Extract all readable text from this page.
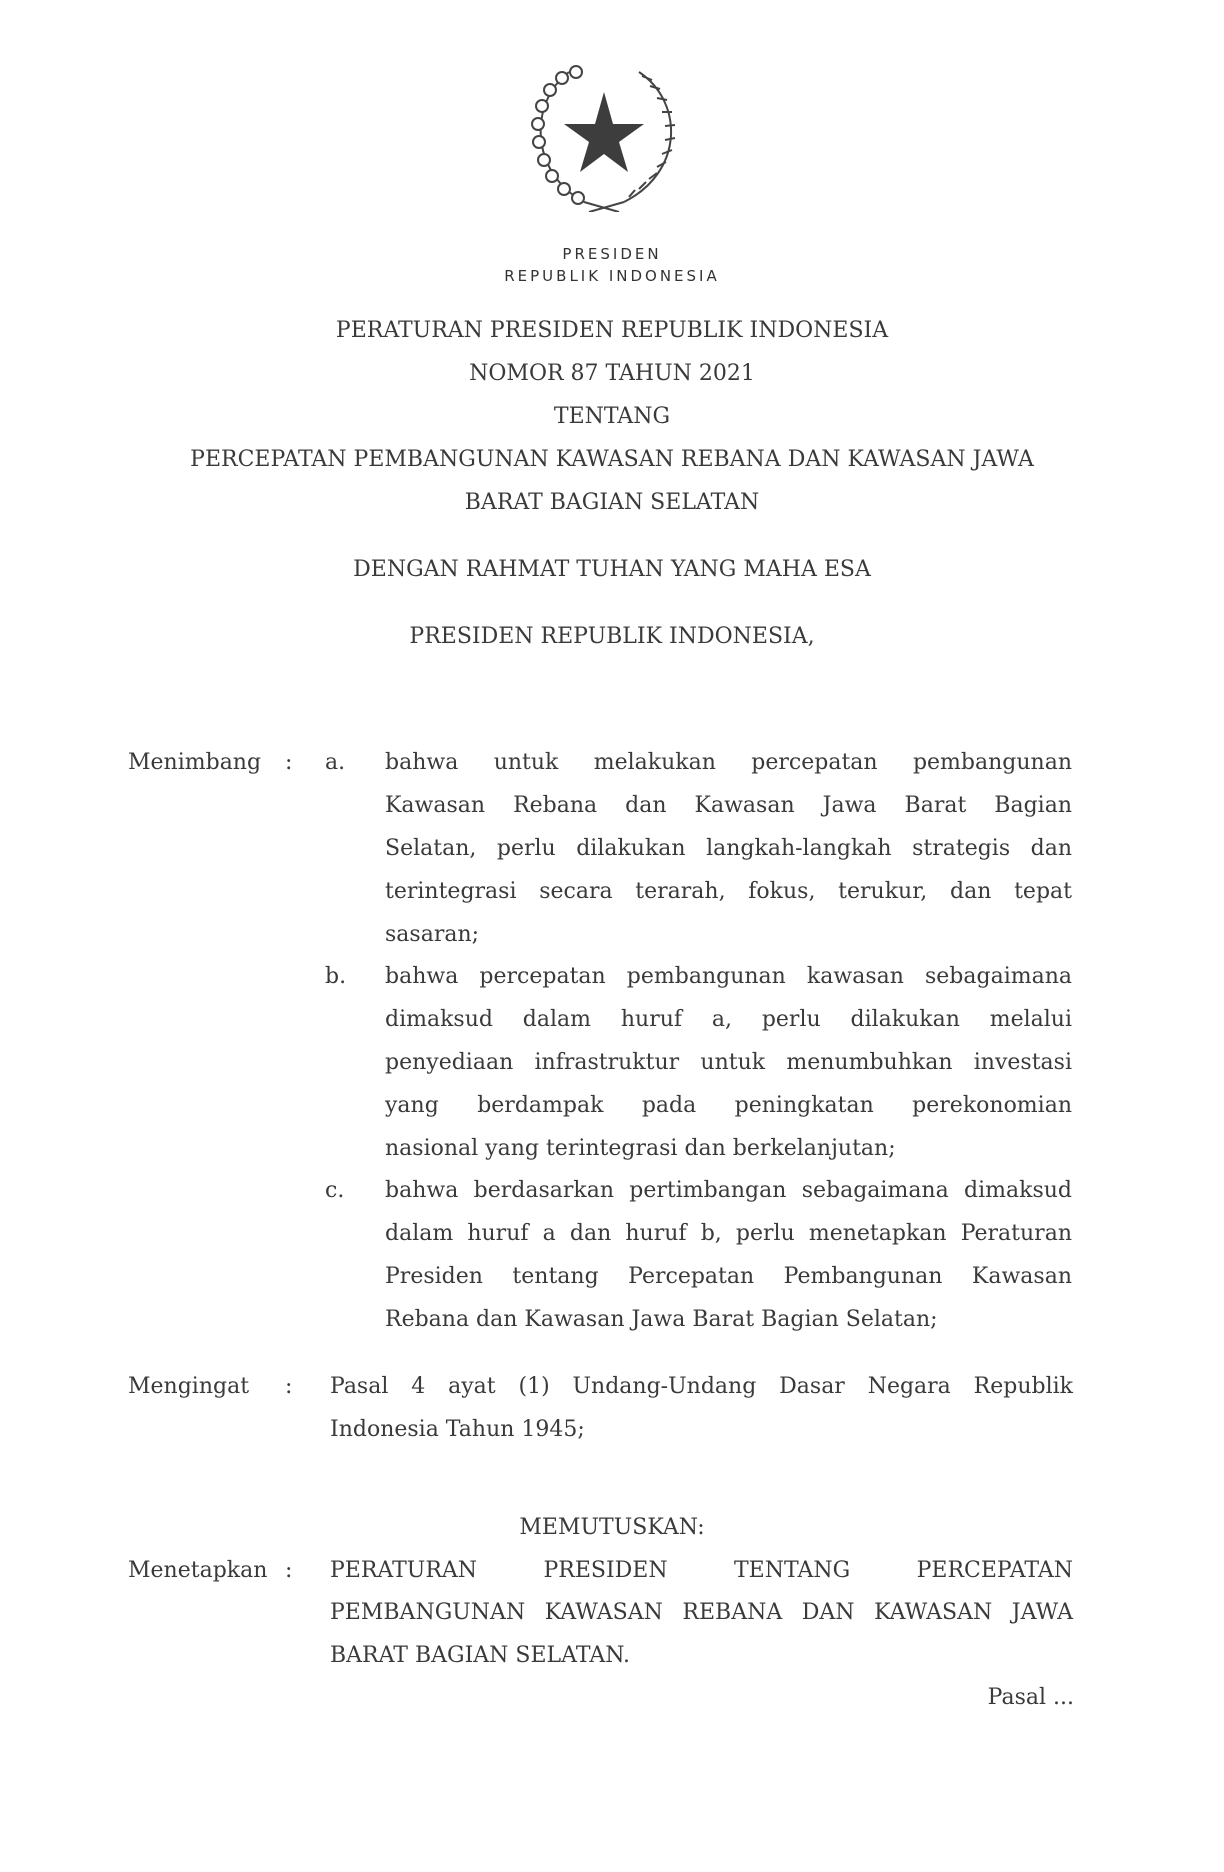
PRESIDEN
REPUBLIK INDONESIA
PERATURAN PRESIDEN REPUBLIK INDONESIA
NOMOR 87 TAHUN 2021
TENTANG
PERCEPATAN PEMBANGUNAN KAWASAN REBANA DAN KAWASAN JAWA
BARAT BAGIAN SELATAN
DENGAN RAHMAT TUHAN YANG MAHA ESA
PRESIDEN REPUBLIK INDONESIA,
Menimbang : a. bahwa untuk melakukan percepatan pembangunan
Kawasan Rebana dan Kawasan Jawa Barat Bagian
Selatan, perlu dilakukan langkah-langkah strategis dan
terintegrasi secara terarah, fokus, terukur, dan tepat
sasaran;
b. bahwa percepatan pembangunan kawasan sebagaimana
dimaksud dalam huruf a, perlu dilakukan melalui
penyediaan infrastruktur untuk menumbuhkan investasi
yang berdampak pada peningkatan perekonomian
nasional yang terintegrasi dan berkelanjutan;
c. bahwa berdasarkan pertimbangan sebagaimana dimaksud
dalam huruf a dan huruf b, perlu menetapkan Peraturan
Presiden tentang Percepatan Pembangunan Kawasan
Rebana dan Kawasan Jawa Barat Bagian Selatan;
Mengingat : Pasal 4 ayat (1) Undang-Undang Dasar Negara Republik
Indonesia Tahun 1945;
MEMUTUSKAN:
Menetapkan : PERATURAN PRESIDEN TENTANG PERCEPATAN
PEMBANGUNAN KAWASAN REBANA DAN KAWASAN JAWA
BARAT BAGIAN SELATAN.
Pasal ...
